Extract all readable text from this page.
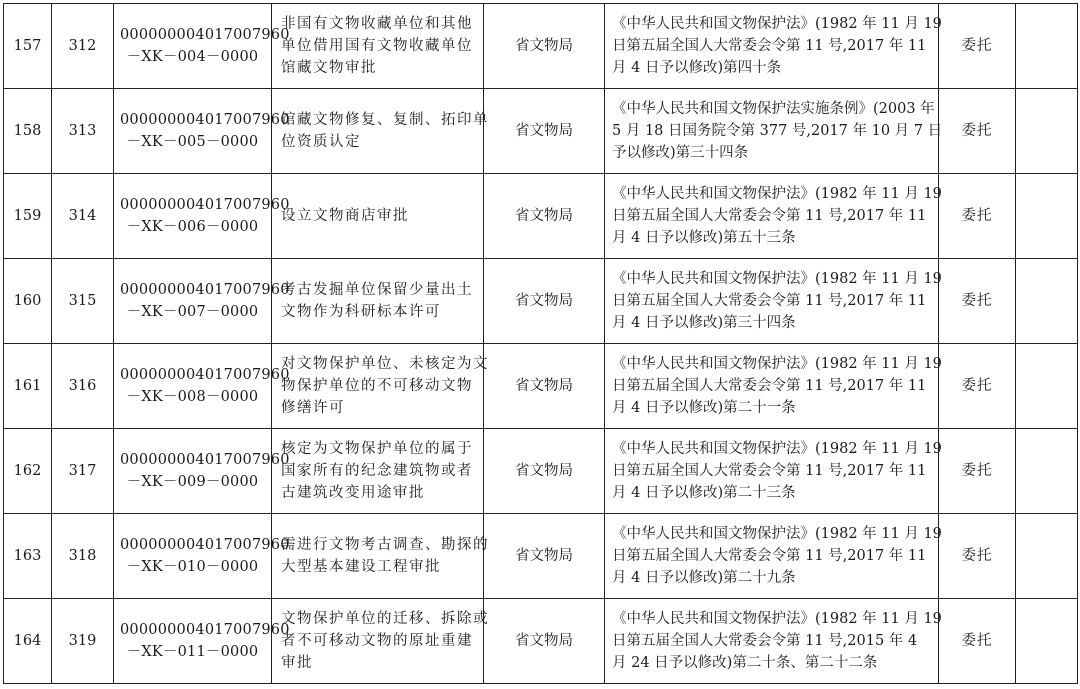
157	312	000000004017007960
－XK－004－0000	非国有文物收藏单位和其他
单位借用国有文物收藏单位
馆藏文物审批	省文物局	《中华人民共和国文物保护法》(1982 年 11 月 19
日第五届全国人大常委会令第 11 号,2017 年 11
月 4 日予以修改)第四十条	委托	
158	313	000000004017007960
－XK－005－0000	馆藏文物修复、复制、拓印单
位资质认定	省文物局	《中华人民共和国文物保护法实施条例》(2003 年
5 月 18 日国务院令第 377 号,2017 年 10 月 7 日
予以修改)第三十四条	委托	
159	314	000000004017007960
－XK－006－0000	设立文物商店审批	省文物局	《中华人民共和国文物保护法》(1982 年 11 月 19
日第五届全国人大常委会令第 11 号,2017 年 11
月 4 日予以修改)第五十三条	委托	
160	315	000000004017007960
－XK－007－0000	考古发掘单位保留少量出土
文物作为科研标本许可	省文物局	《中华人民共和国文物保护法》(1982 年 11 月 19
日第五届全国人大常委会令第 11 号,2017 年 11
月 4 日予以修改)第三十四条	委托	
161	316	000000004017007960
－XK－008－0000	对文物保护单位、未核定为文
物保护单位的不可移动文物
修缮许可	省文物局	《中华人民共和国文物保护法》(1982 年 11 月 19
日第五届全国人大常委会令第 11 号,2017 年 11
月 4 日予以修改)第二十一条	委托	
162	317	000000004017007960
－XK－009－0000	核定为文物保护单位的属于
国家所有的纪念建筑物或者
古建筑改变用途审批	省文物局	《中华人民共和国文物保护法》(1982 年 11 月 19
日第五届全国人大常委会令第 11 号,2017 年 11
月 4 日予以修改)第二十三条	委托	
163	318	000000004017007960
－XK－010－0000	需进行文物考古调查、勘探的
大型基本建设工程审批	省文物局	《中华人民共和国文物保护法》(1982 年 11 月 19
日第五届全国人大常委会令第 11 号,2017 年 11
月 4 日予以修改)第二十九条	委托	
164	319	000000004017007960
－XK－011－0000	文物保护单位的迁移、拆除或
者不可移动文物的原址重建
审批	省文物局	《中华人民共和国文物保护法》(1982 年 11 月 19
日第五届全国人大常委会令第 11 号,2015 年 4
月 24 日予以修改)第二十条、第二十二条	委托	
